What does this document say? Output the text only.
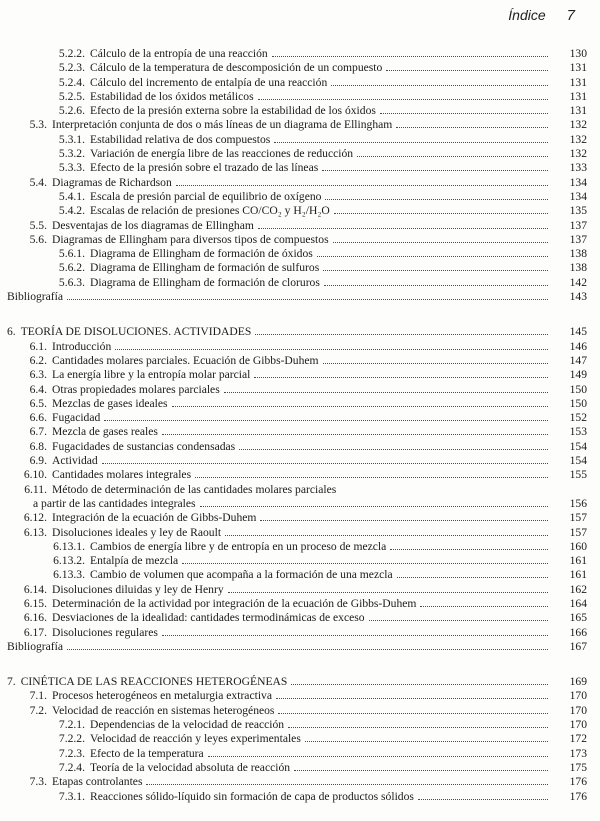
Índice 7
5.2.2. Cálculo de la entropía de una reacción	130
5.2.3. Cálculo de la temperatura de descomposición de un compuesto	131
5.2.4. Cálculo del incremento de entalpía de una reacción	131
5.2.5. Estabilidad de los óxidos metálicos	131
5.2.6. Efecto de la presión externa sobre la estabilidad de los óxidos	131
5.3. Interpretación conjunta de dos o más líneas de un diagrama de Ellingham	132
5.3.1. Estabilidad relativa de dos compuestos	132
5.3.2. Variación de energía libre de las reacciones de reducción	132
5.3.3. Efecto de la presión sobre el trazado de las líneas	133
5.4. Diagramas de Richardson	134
5.4.1. Escala de presión parcial de equilibrio de oxígeno	134
5.4.2. Escalas de relación de presiones CO/CO₂ y H₂/H₂O	135
5.5. Desventajas de los diagramas de Ellingham	137
5.6. Diagramas de Ellingham para diversos tipos de compuestos	137
5.6.1. Diagrama de Ellingham de formación de óxidos	138
5.6.2. Diagrama de Ellingham de formación de sulfuros	138
5.6.3. Diagrama de Ellingham de formación de cloruros	142
Bibliografía	143
6. TEORÍA DE DISOLUCIONES. ACTIVIDADES	145
6.1. Introducción	146
6.2. Cantidades molares parciales. Ecuación de Gibbs-Duhem	147
6.3. La energía libre y la entropía molar parcial	149
6.4. Otras propiedades molares parciales	150
6.5. Mezclas de gases ideales	150
6.6. Fugacidad	152
6.7. Mezcla de gases reales	153
6.8. Fugacidades de sustancias condensadas	154
6.9. Actividad	154
6.10. Cantidades molares integrales	155
6.11. Método de determinación de las cantidades molares parciales
a partir de las cantidades integrales	156
6.12. Integración de la ecuación de Gibbs-Duhem	157
6.13. Disoluciones ideales y ley de Raoult	157
6.13.1. Cambios de energía libre y de entropía en un proceso de mezcla	160
6.13.2. Entalpía de mezcla	161
6.13.3. Cambio de volumen que acompaña a la formación de una mezcla	161
6.14. Disoluciones diluidas y ley de Henry	162
6.15. Determinación de la actividad por integración de la ecuación de Gibbs-Duhem	164
6.16. Desviaciones de la idealidad: cantidades termodinámicas de exceso	165
6.17. Disoluciones regulares	166
Bibliografía	167
7. CINÉTICA DE LAS REACCIONES HETEROGÉNEAS	169
7.1. Procesos heterogéneos en metalurgia extractiva	170
7.2. Velocidad de reacción en sistemas heterogéneos	170
7.2.1. Dependencias de la velocidad de reacción	170
7.2.2. Velocidad de reacción y leyes experimentales	172
7.2.3. Efecto de la temperatura	173
7.2.4. Teoría de la velocidad absoluta de reacción	175
7.3. Etapas controlantes	176
7.3.1. Reacciones sólido-líquido sin formación de capa de productos sólidos	176
